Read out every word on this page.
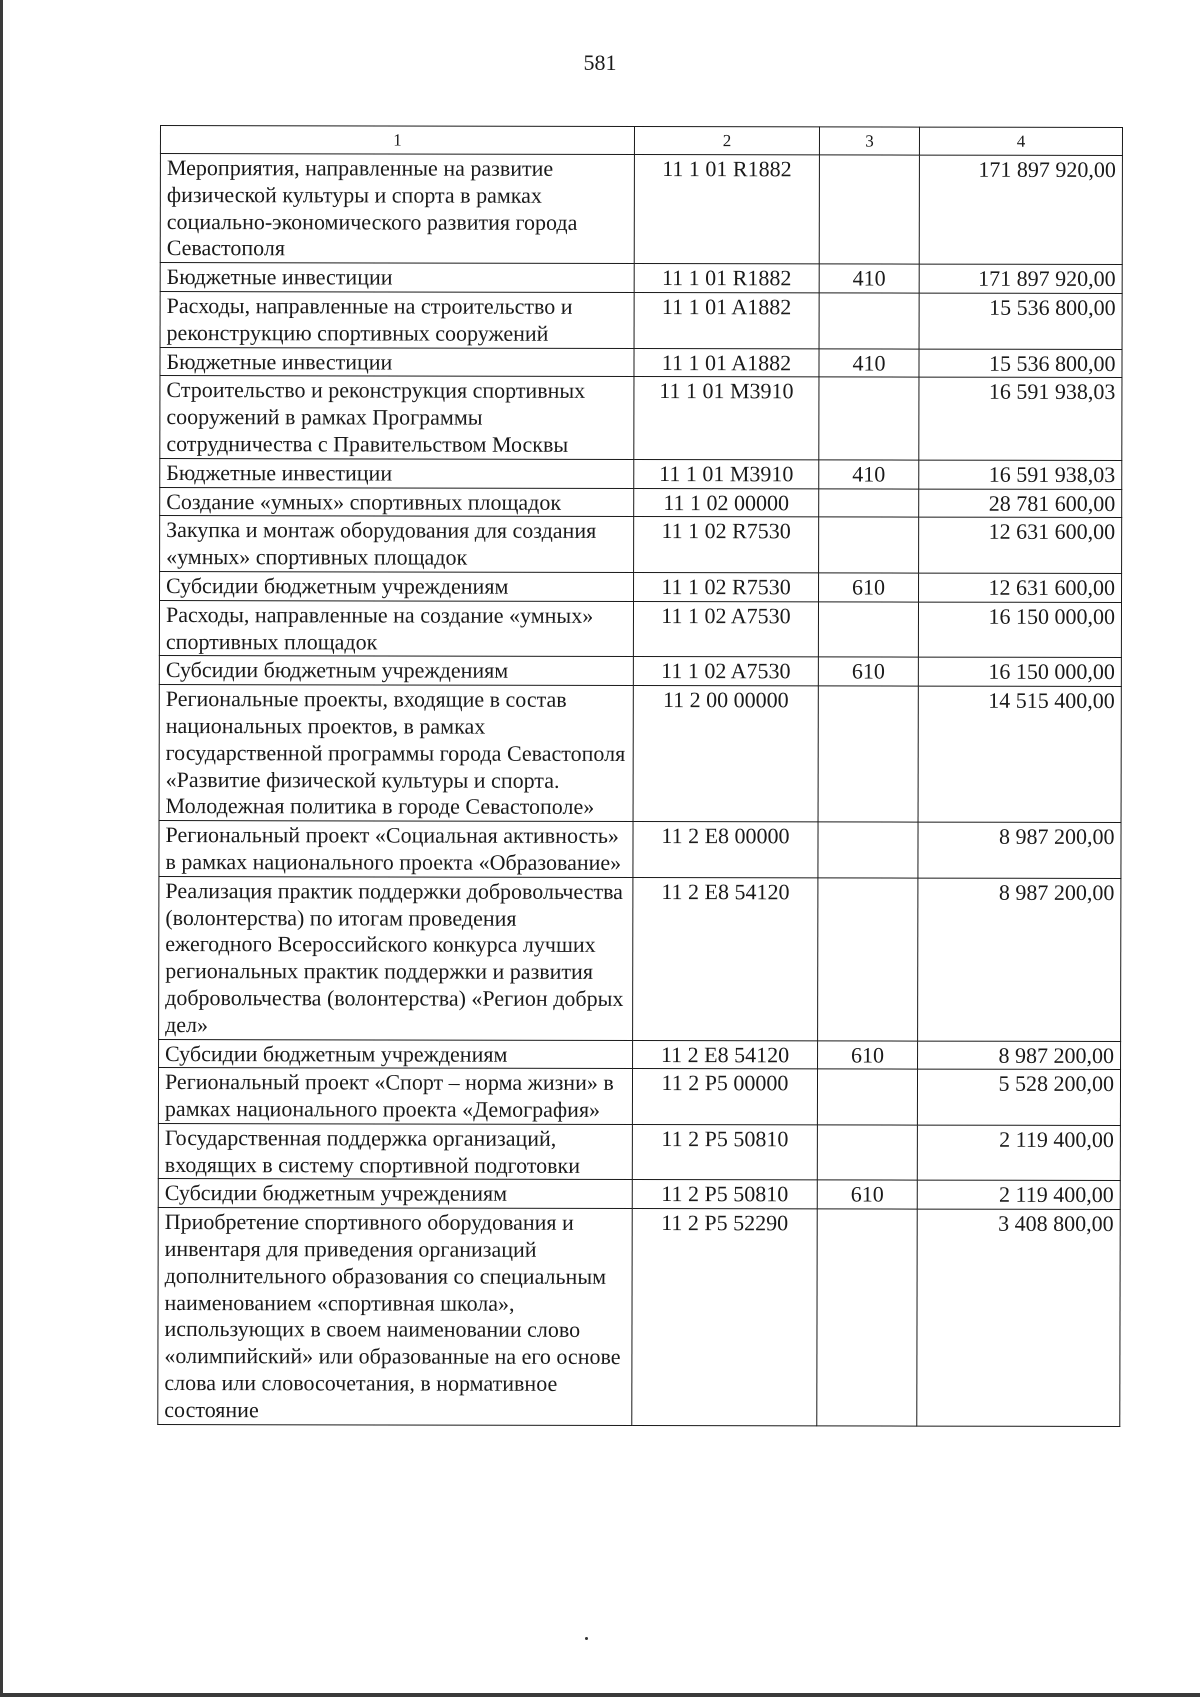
581
1	2	3	4
Мероприятия, направленные на развитие физической культуры и спорта в рамках социально-экономического развития города Севастополя	11 1 01 R1882		171 897 920,00
Бюджетные инвестиции	11 1 01 R1882	410	171 897 920,00
Расходы, направленные на строительство и реконструкцию спортивных сооружений	11 1 01 A1882		15 536 800,00
Бюджетные инвестиции	11 1 01 A1882	410	15 536 800,00
Строительство и реконструкция спортивных сооружений в рамках Программы сотрудничества с Правительством Москвы	11 1 01 M3910		16 591 938,03
Бюджетные инвестиции	11 1 01 M3910	410	16 591 938,03
Создание «умных» спортивных площадок	11 1 02 00000		28 781 600,00
Закупка и монтаж оборудования для создания «умных» спортивных площадок	11 1 02 R7530		12 631 600,00
Субсидии бюджетным учреждениям	11 1 02 R7530	610	12 631 600,00
Расходы, направленные на создание «умных» спортивных площадок	11 1 02 A7530		16 150 000,00
Субсидии бюджетным учреждениям	11 1 02 A7530	610	16 150 000,00
Региональные проекты, входящие в состав национальных проектов, в рамках государственной программы города Севастополя «Развитие физической культуры и спорта. Молодежная политика в городе Севастополе»	11 2 00 00000		14 515 400,00
Региональный проект «Социальная активность» в рамках национального проекта «Образование»	11 2 E8 00000		8 987 200,00
Реализация практик поддержки добровольчества (волонтерства) по итогам проведения ежегодного Всероссийского конкурса лучших региональных практик поддержки и развития добровольчества (волонтерства) «Регион добрых дел»	11 2 E8 54120		8 987 200,00
Субсидии бюджетным учреждениям	11 2 E8 54120	610	8 987 200,00
Региональный проект «Спорт – норма жизни» в рамках национального проекта «Демография»	11 2 P5 00000		5 528 200,00
Государственная поддержка организаций, входящих в систему спортивной подготовки	11 2 P5 50810		2 119 400,00
Субсидии бюджетным учреждениям	11 2 P5 50810	610	2 119 400,00
Приобретение спортивного оборудования и инвентаря для приведения организаций дополнительного образования со специальным наименованием «спортивная школа», использующих в своем наименовании слово «олимпийский» или образованные на его основе слова или словосочетания, в нормативное состояние	11 2 P5 52290		3 408 800,00
